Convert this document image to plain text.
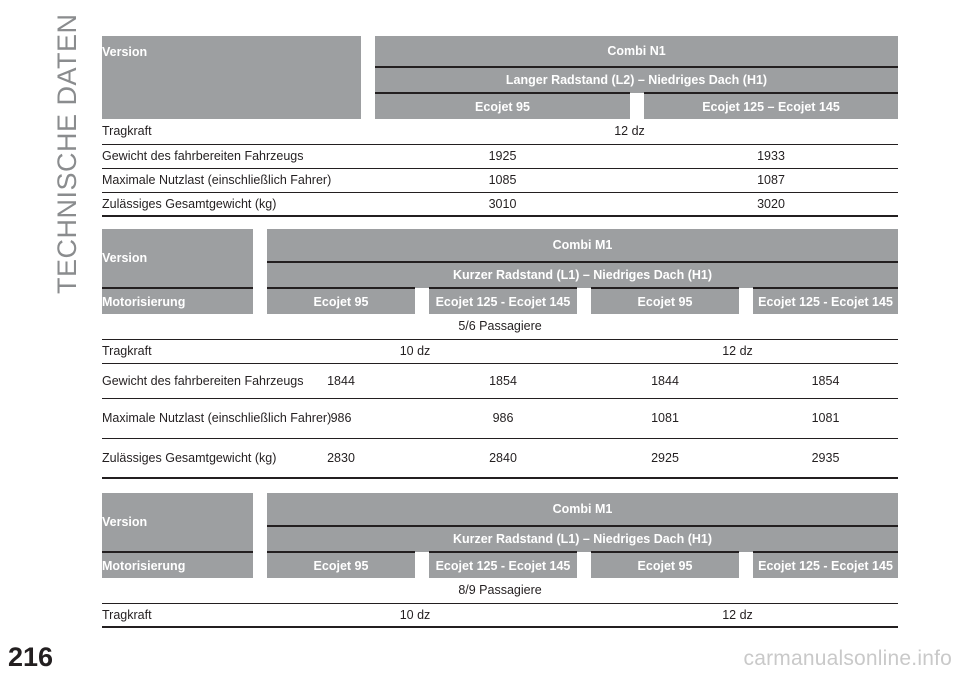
TECHNISCHE DATEN	Version		Combi N1		
		Langer Radstand (L2) – Niedriges Dach (H1)		
		Ecojet 95		Ecojet 125 – Ecojet 145
Tragkraft	12 dz			
Gewicht des fahrbereiten Fahrzeugs		1925		1933
Maximale Nutzlast (einschließlich Fahrer)		1085		1087
Zulässiges Gesamtgewicht (kg)		3010		3020
Version		Combi M1						
		Kurzer Radstand (L1) – Niedriges Dach (H1)						
Motorisierung		Ecojet 95		Ecojet 125 - Ecojet 145		Ecojet 95		Ecojet 125 - Ecojet 145
5/6 Passagiere								
Tragkraft	10 dz				12 dz			
Gewicht des fahrbereiten Fahrzeugs		1844		1854		1844		1854
Maximale Nutzlast (einschließlich Fahrer)		986		986		1081		1081
Zulässiges Gesamtgewicht (kg)		2830		2840		2925		2935
Version		Combi M1						
		Kurzer Radstand (L1) – Niedriges Dach (H1)						
Motorisierung		Ecojet 95		Ecojet 125 - Ecojet 145		Ecojet 95		Ecojet 125 - Ecojet 145
8/9 Passagiere								
Tragkraft	10 dz				12 dz			
216	carmanualsonline.info
